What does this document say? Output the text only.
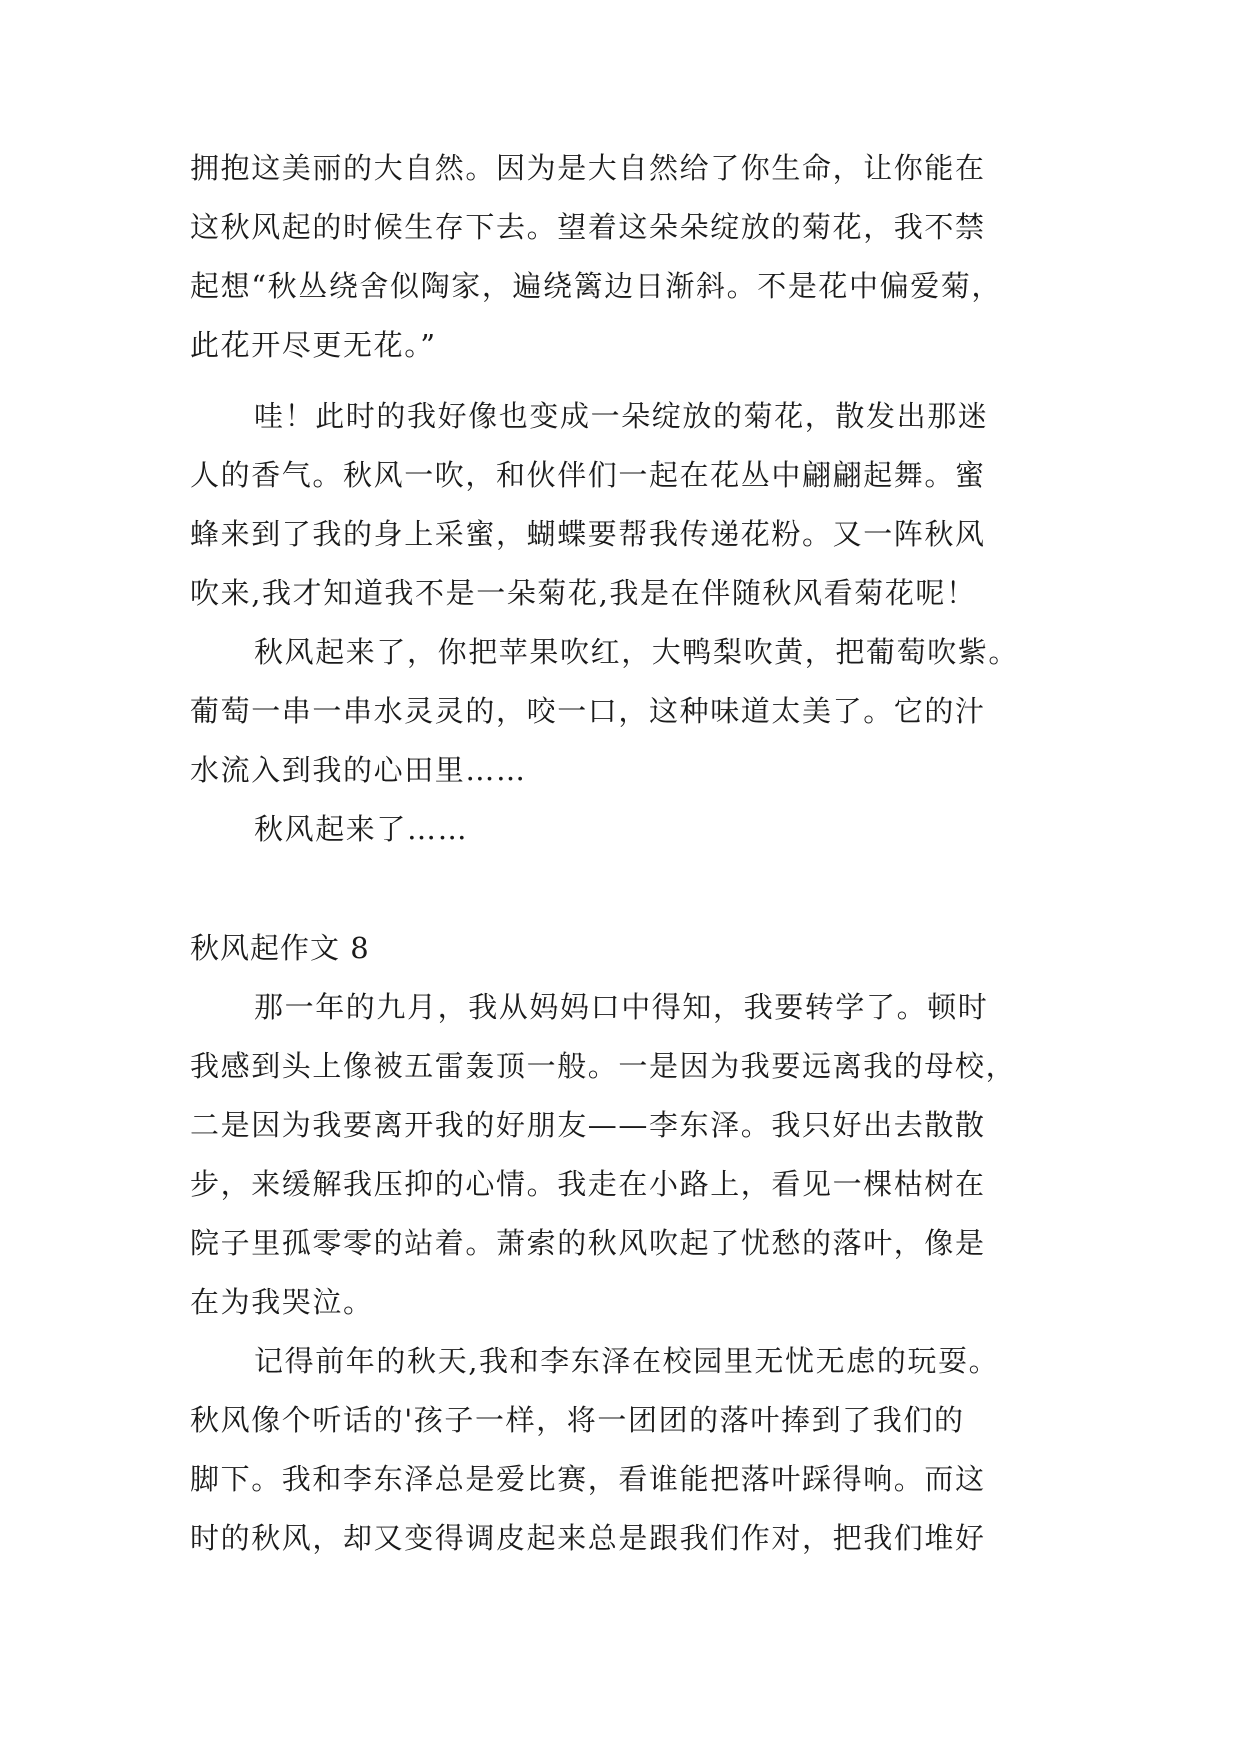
拥抱这美丽的大自然。因为是大自然给了你生命，让你能在
这秋风起的时候生存下去。望着这朵朵绽放的菊花，我不禁
起想“秋丛绕舍似陶家，遍绕篱边日渐斜。不是花中偏爱菊，
此花开尽更无花。”
哇！此时的我好像也变成一朵绽放的菊花，散发出那迷
人的香气。秋风一吹，和伙伴们一起在花丛中翩翩起舞。蜜
蜂来到了我的身上采蜜，蝴蝶要帮我传递花粉。又一阵秋风
吹来,我才知道我不是一朵菊花,我是在伴随秋风看菊花呢！
秋风起来了，你把苹果吹红，大鸭梨吹黄，把葡萄吹紫。
葡萄一串一串水灵灵的，咬一口，这种味道太美了。它的汁
水流入到我的心田里……
秋风起来了……
秋风起作文 8
那一年的九月，我从妈妈口中得知，我要转学了。顿时
我感到头上像被五雷轰顶一般。一是因为我要远离我的母校，
二是因为我要离开我的好朋友——李东泽。我只好出去散散
步，来缓解我压抑的心情。我走在小路上，看见一棵枯树在
院子里孤零零的站着。萧索的秋风吹起了忧愁的落叶，像是
在为我哭泣。
记得前年的秋天,我和李东泽在校园里无忧无虑的玩耍。
秋风像个听话的'孩子一样，将一团团的落叶捧到了我们的
脚下。我和李东泽总是爱比赛，看谁能把落叶踩得响。而这
时的秋风，却又变得调皮起来总是跟我们作对，把我们堆好
